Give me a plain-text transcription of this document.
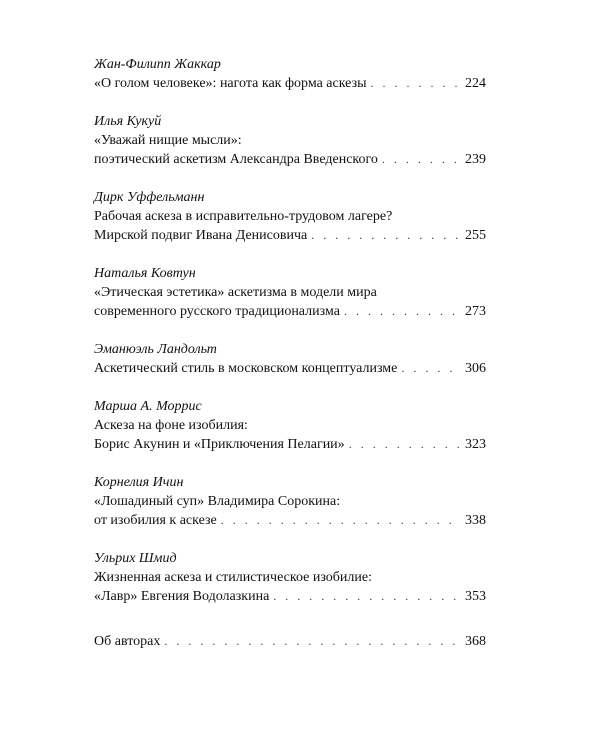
Жан-Филипп Жаккар
«О голом человеке»: нагота как форма аскезы . . .	224
Илья Кукуй
«Уважай нищие мысли»:
поэтический аскетизм Александра Введенского . . .	239
Дирк Уффельманн
Рабочая аскеза в исправительно-трудовом лагере?
Мирской подвиг Ивана Денисовича . . .	255
Наталья Ковтун
«Этическая эстетика» аскетизма в модели мира
современного русского традиционализма . . .	273
Эманюэль Ландольт
Аскетический стиль в московском концептуализме . . .	306
Марша А. Моррис
Аскеза на фоне изобилия:
Борис Акунин и «Приключения Пелагии» . . .	323
Корнелия Ичин
«Лошадиный суп» Владимира Сорокина:
от изобилия к аскезе . . .	338
Ульрих Шмид
Жизненная аскеза и стилистическое изобилие:
«Лавр» Евгения Водолазкина . . .	353
Об авторах . . .	368
